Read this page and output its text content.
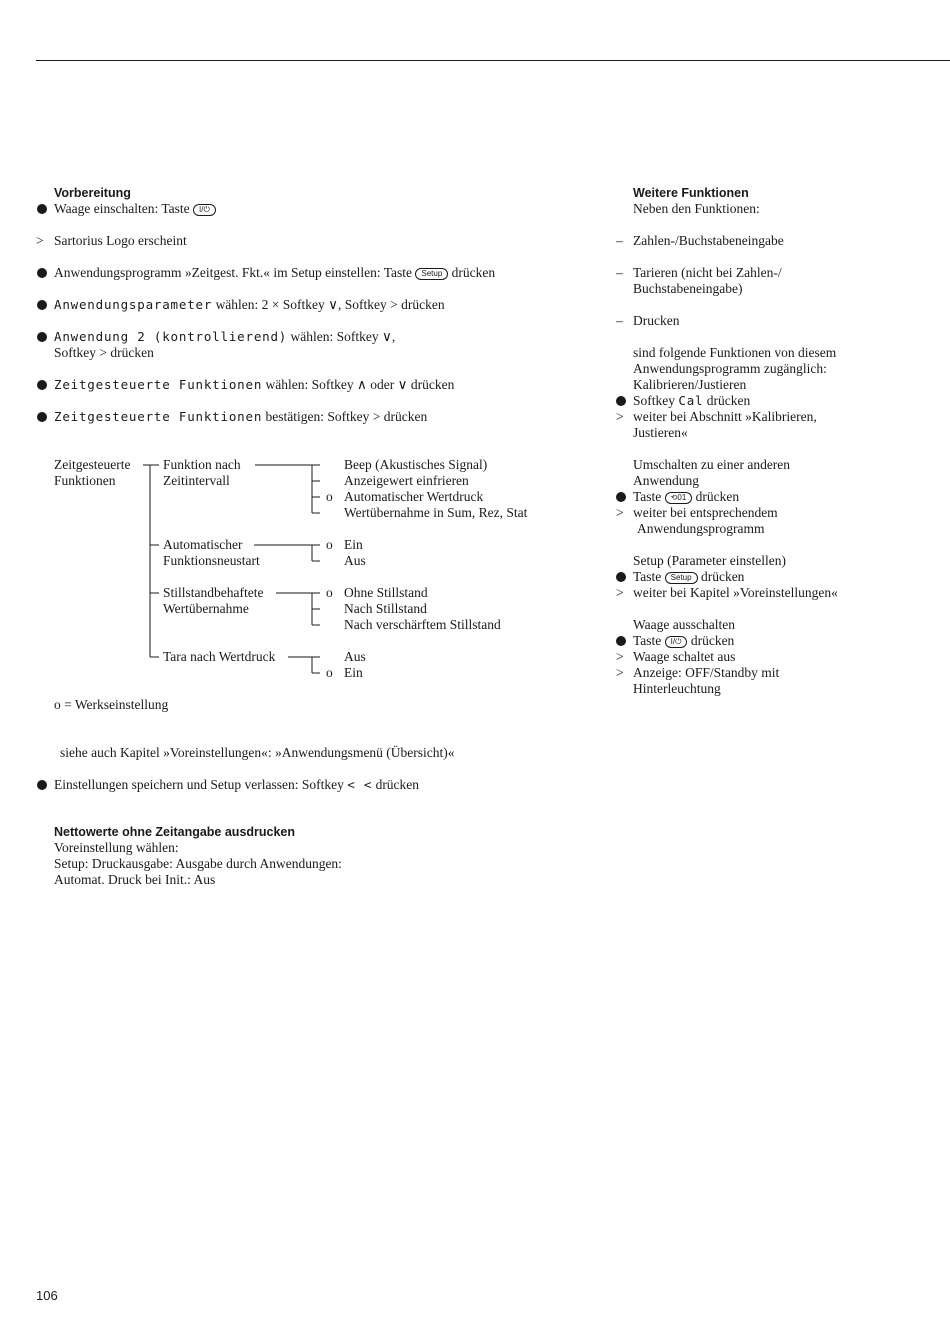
Vorbereitung
Waage einschalten: Taste I/⏻
> Sartorius Logo erscheint
Anwendungsprogramm »Zeitgest. Fkt.« im Setup einstellen: Taste Setup drücken
Anwendungsparameter wählen: 2 × Softkey ∨, Softkey > drücken
Anwendung 2 (kontrollierend) wählen: Softkey ∨,
Softkey > drücken
Zeitgesteuerte Funktionen wählen: Softkey ∧ oder ∨ drücken
Zeitgesteuerte Funktionen bestätigen: Softkey > drücken
Zeitgesteuerte
Funktionen
Funktion nach
Zeitintervall
Beep (Akustisches Signal)
Anzeigewert einfrieren
o Automatischer Wertdruck
Wertübernahme in Sum, Rez, Stat
Automatischer
Funktionsneustart
o Ein
Aus
Stillstandbehaftete
Wertübernahme
o Ohne Stillstand
Nach Stillstand
Nach verschärftem Stillstand
Tara nach Wertdruck	Aus
o Ein
o = Werkseinstellung
siehe auch Kapitel »Voreinstellungen«: »Anwendungsmenü (Übersicht)«
Einstellungen speichern und Setup verlassen: Softkey < < drücken
Nettowerte ohne Zeitangabe ausdrucken
Voreinstellung wählen:
Setup: Druckausgabe: Ausgabe durch Anwendungen:
Automat. Druck bei Init.: Aus
Weitere Funktionen
Neben den Funktionen:
– Zahlen-/Buchstabeneingabe
– Tarieren (nicht bei Zahlen-/
Buchstabeneingabe)
– Drucken
sind folgende Funktionen von diesem
Anwendungsprogramm zugänglich:
Kalibrieren/Justieren
Softkey Cal drücken
> weiter bei Abschnitt »Kalibrieren,
Justieren«
Umschalten zu einer anderen
Anwendung
Taste ⟲01 drücken
> weiter bei entsprechendem
Anwendungsprogramm
Setup (Parameter einstellen)
Taste Setup drücken
> weiter bei Kapitel »Voreinstellungen«
Waage ausschalten
Taste I/⏻ drücken
> Waage schaltet aus
> Anzeige: OFF/Standby mit
Hinterleuchtung
106
